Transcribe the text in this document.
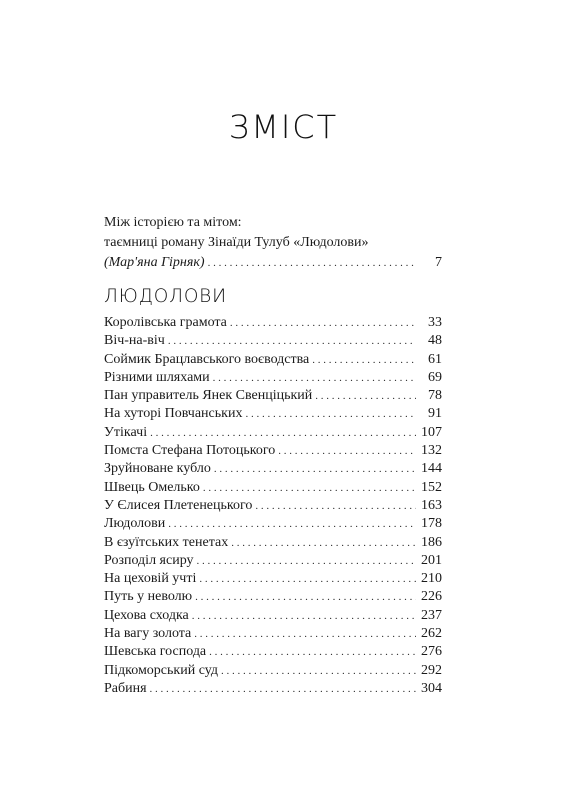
ЗМІСТ
Між історією та мітом:
таємниці роману Зінаїди Тулуб «Людолови»
(Мар'яна Гірняк) . . .	7
ЛЮДОЛОВИ
Королівська грамота . . .	33
Віч-на-віч . . .	48
Соймик Брацлавського воєводства . . .	61
Різними шляхами . . .	69
Пан управитель Янек Свенціцький . . .	78
На хуторі Повчанських . . .	91
Утікачі . . .	107
Помста Стефана Потоцького . . .	132
Зруйноване кубло . . .	144
Швець Омелько . . .	152
У Єлисея Плетенецького . . .	163
Людолови . . .	178
В єзуїтських тенетах . . .	186
Розподіл ясиру . . .	201
На цеховій учті . . .	210
Путь у неволю . . .	226
Цехова сходка . . .	237
На вагу золота . . .	262
Шевська господа . . .	276
Підкоморський суд . . .	292
Рабиня . . .	304
